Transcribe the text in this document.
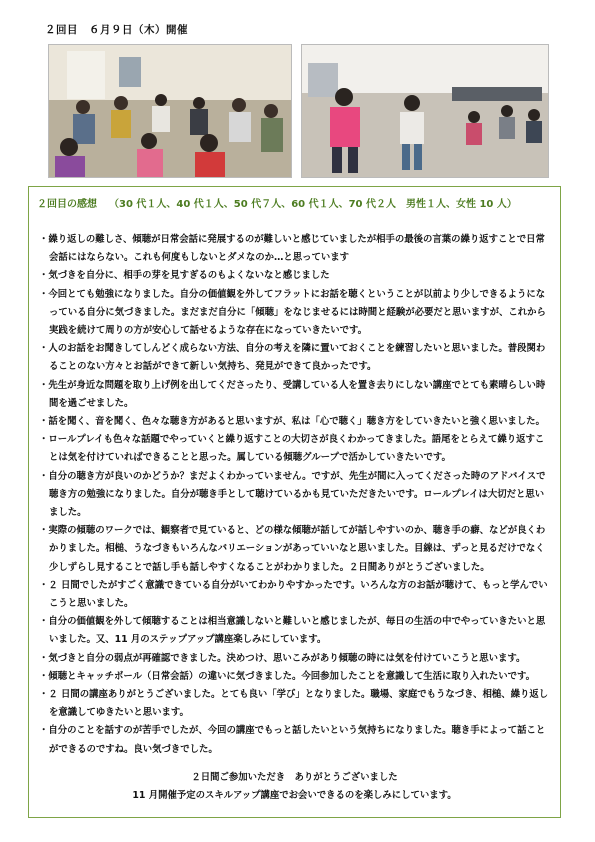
２回目　６月９日（木）開催
２回目の感想 （30 代１人、40 代１人、50 代７人、60 代１人、70 代２人　男性１人、女性 10 人）
・ 繰り返しの難しさ、傾聴が日常会話に発展するのが難しいと感じていましたが相手の最後の言葉の繰り返すことで日常会話にはならない。これも何度もしないとダメなのか…と思っています
・ 気づきを自分に、相手の芽を見すぎるのもよくないなと感じました
・ 今回とても勉強になりました。自分の価値観を外してフラットにお話を聴くということが以前より少しできるようになっている自分に気づきました。まだまだ自分に「傾聴」をなじませるには時間と経験が必要だと思いますが、これから実践を続けて周りの方が安心して話せるような存在になっていきたいです。
・ 人のお話をお聞きしてしんどく成らない方法、自分の考えを隣に置いておくことを練習したいと思いました。普段関わることのない方々とお話ができて新しい気持ち、発見ができて良かったです。
・ 先生が身近な問題を取り上げ例を出してくださったり、受講している人を置き去りにしない講座でとても素晴らしい時間を過ごせました。
・ 話を聞く、音を聞く、色々な聴き方があると思いますが、私は「心で聴く」聴き方をしていきたいと強く思いました。
・ ロールプレイも色々な話題でやっていくと繰り返すことの大切さが良くわかってきました。語尾をとらえて繰り返すことは気を付けていればできることと思った。属している傾聴グループで活かしていきたいです。
・ 自分の聴き方が良いのかどうか？まだよくわかっていません。ですが、先生が間に入ってくださった時のアドバイスで聴き方の勉強になりました。自分が聴き手として聴けているかも見ていただきたいです。ロールプレイは大切だと思いました。
・ 実際の傾聴のワークでは、観察者で見ていると、どの様な傾聴が話してが話しやすいのか、聴き手の癖、などが良くわかりました。相槌、うなづきもいろんなバリエーションがあっていいなと思いました。目線は、ずっと見るだけでなく少しずらし見することで話し手も話しやすくなることがわかりました。２日間ありがとうございました。
・ ２ 日間でしたがすごく意識できている自分がいてわかりやすかったです。いろんな方のお話が聴けて、もっと学んでいこうと思いました。
・ 自分の価値観を外して傾聴することは相当意識しないと難しいと感じましたが、毎日の生活の中でやっていきたいと思いました。又、11 月のステップアップ講座楽しみにしています。
・ 気づきと自分の弱点が再確認できました。決めつけ、思いこみがあり傾聴の時には気を付けていこうと思います。
・ 傾聴とキャッチボール（日常会話）の違いに気づきました。今回参加したことを意識して生活に取り入れたいです。
・ ２ 日間の講座ありがとうございました。とても良い「学び」となりました。職場、家庭でもうなづき、相槌、繰り返しを意識してゆきたいと思います。
・ 自分のことを話すのが苦手でしたが、今回の講座でもっと話したいという気持ちになりました。聴き手によって話ことができるのですね。良い気づきでした。
２日間ご参加いただき　ありがとうございました
11 月開催予定のスキルアップ講座でお会いできるのを楽しみにしています。
